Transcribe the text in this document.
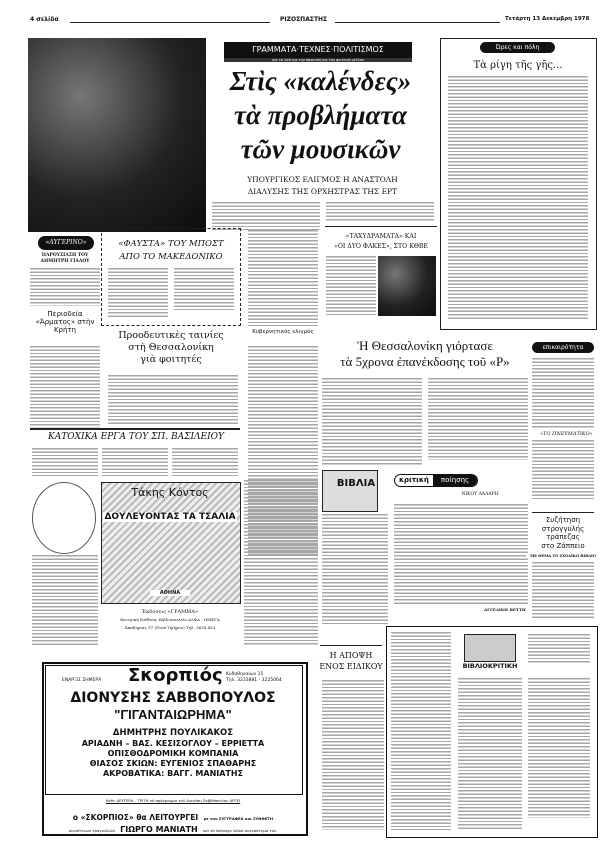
4 σελίδα	ΡΙΖΟΣΠΑΣΤΗΣ	Τετάρτη 13 Δεκέμβρη 1978
ΓΡΑΜΜΑΤΑ·ΤΕΧΝΕΣ·ΠΟΛΙΤΙΣΜΟΣ
για τα λαό·για την προκοπή·για ένα φωτεινό μέλλον
Στὶς «καλένδες»
τὰ προβλήματα
τῶν μουσικῶν
ΥΠΟΥΡΓΙΚΟΣ ΕΛΙΓΜΟΣ Η ΑΝΑΣΤΟΛΗ
ΔΙΑΛΥΣΗΣ ΤΗΣ ΟΡΧΗΣΤΡΑΣ ΤΗΣ ΕΡΤ
Ώρες και πόλη
Τὰ ρίγη τῆς γῆς...
«ΑΥΓΕΡΙΝΟ»
ΠΑΡΟΥΣΙΑΣΗ ΤΟΥ ΔΗΜΗΤΡΗ ΓΙΑΛΟΥ
Περιοδεία «Άρματος» στὴν Κρήτη
«ΦΑΥΣΤΑ» ΤΟΥ ΜΠΟΣΤ
ΑΠΟ ΤΟ ΜΑΚΕΔΟΝΙΚΟ
Κυβερνητικός ελιγμός
«ΤΑΧΥΔΡΑΜΑΤΑ» ΚΑΙ
«ΟΙ ΔΥΟ ΦΑΚΕΣ», ΣΤΟ ΚΘΒΕ
Προοδευτικὲς ταινίες
στὴ Θεσσαλονίκη
γιὰ φοιτητές
ΚΑΤΟΧΙΚΑ ΕΡΓΑ ΤΟΥ ΣΠ. ΒΑΣΙΛΕΙΟΥ
Τάκης Κόντος
ΔΟΥΛΕΥΟΝΤΑΣ ΤΑ ΤΣΑΛΙΑ
ΑΘΗΝΑ
Ἐκδόσεις «ΓΡΑΜΜΑ»
Κεντρική διάθεση: Βιβλιοπωλεῖο ΑΛΦΑ - ΩΜΕΓΑ
Ἀκαδημίας 57 (Στοά Ὁμήρου) Τηλ. 3638.433
Ἡ Θεσσαλονίκη γιόρτασε
τὰ 5χρονα ἐπανέκδοσης τοῦ «Ρ»
επικαιρότητα
«ΤΟ ΠΝΕΥΜΑΤΙΚΟ»
Συζήτηση
στρογγυλής
τράπεζας
στο Ζάππειο
ΜΕ ΘΕΜΑ ΤΟ ΣΧΟΛΙΚΟ ΒΙΒΛΙΟ
ΒΙΒΛΙΑ	κριτική	ποίησης
ΝΙΚΟΥ ΛΑΛΑΡΗ
ΑΓΓΕΛΙΚΗ ΒΕΤΤΗ
ΕΝΑΡΞΙΣ ΣΗΜΕΡΑ Σκορπιός Κυδαθηναίων 15
Τηλ. 3233881 - 3225064
ΔΙΟΝΥΣΗΣ ΣΑΒΒΟΠΟΥΛΟΣ
"ΓΙΓΑΝΤΑΙΩΡΗΜΑ"
ΔΗΜΗΤΡΗΣ ΠΟΥΛΙΚΑΚΟΣ
ΑΡΙΑΔΝΗ – ΒΑΣ. ΚΕΣΙΣΟΓΛΟΥ – ΕΡΡΙΕΤΤΑ
ΟΠΙΣΘΟΔΡΟΜΙΚΗ ΚΟΜΠΑΝΙΑ
ΘΙΑΣΟΣ ΣΚΙΩΝ: ΕΥΓΕΝΙΟΣ ΣΠΑΘΑΡΗΣ
ΑΚΡΟΒΑΤΙΚΑ: ΒΑΓΓ. ΜΑΝΙΑΤΗΣ
Κάθε ΔΕΥΤΕΡΑ – ΤΡΙΤΗ τὸ πρόγραμμα τοῦ Διονύση Σαββόπουλου ΑΡΓΕΙ
ο «ΣΚΟΡΠΙΟΣ» θα ΛΕΙΤΟΥΡΓΕΙ με τον ΣΥΓΓΡΑΦΕΑ και ΣΥΝΘΕΤΗ
ρεμπέτικων τραγουδιών ΓΙΩΡΓΟ ΜΑΝΙΑΤΗ καὶ τὸ ὑπέροχο λαϊκό συγκρότημά του.
Η ΑΠΟΨΗ
ΕΝΟΣ ΕΙΔΙΚΟΥ	ΒΙΒΛΙΟΚΡΙΤΙΚΗ
